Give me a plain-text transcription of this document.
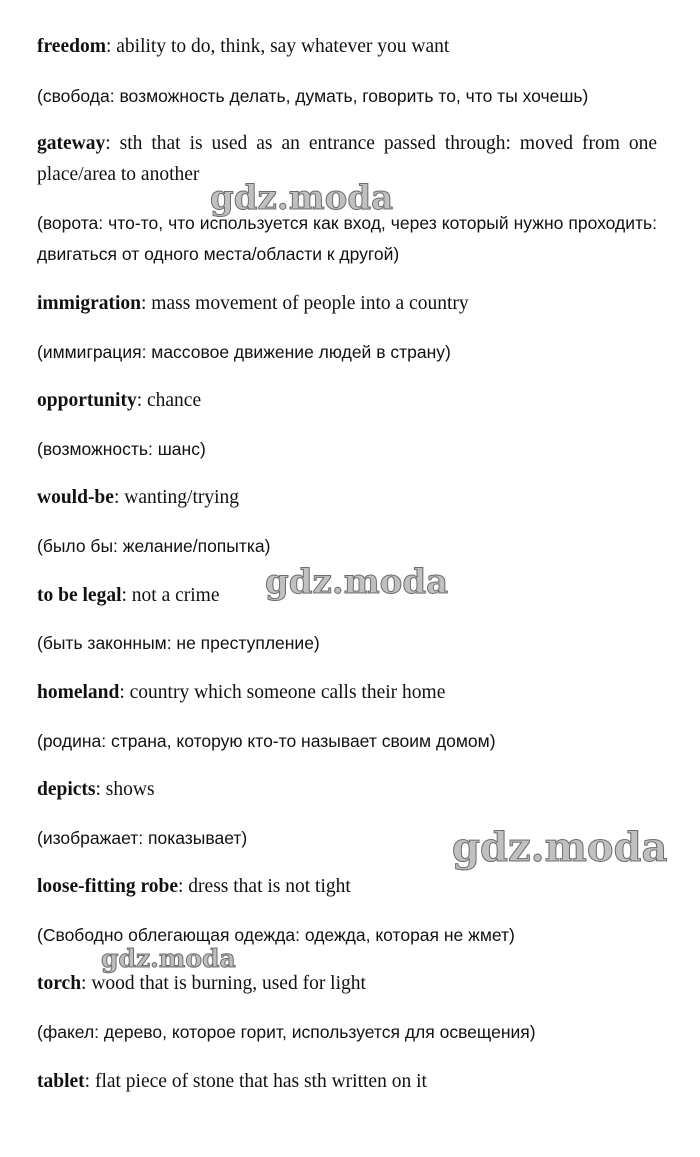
freedom: ability to do, think, say whatever you want
(свобода: возможность делать, думать, говорить то, что ты хочешь)
gateway: sth that is used as an entrance passed through: moved from one place/area to another
(ворота: что-то, что используется как вход, через который нужно проходить: двигаться от одного места/области к другой)
immigration: mass movement of people into a country
(иммиграция: массовое движение людей в страну)
opportunity: chance
(возможность: шанс)
would-be: wanting/trying
(было бы: желание/попытка)
to be legal: not a crime
(быть законным: не преступление)
homeland: country which someone calls their home
(родина: страна, которую кто-то называет своим домом)
depicts: shows
(изображает: показывает)
loose-fitting robe: dress that is not tight
(Свободно облегающая одежда: одежда, которая не жмет)
torch: wood that is burning, used for light
(факел: дерево, которое горит, используется для освещения)
tablet: flat piece of stone that has sth written on it
gdz.moda
gdz.moda
gdz.moda
gdz.moda
